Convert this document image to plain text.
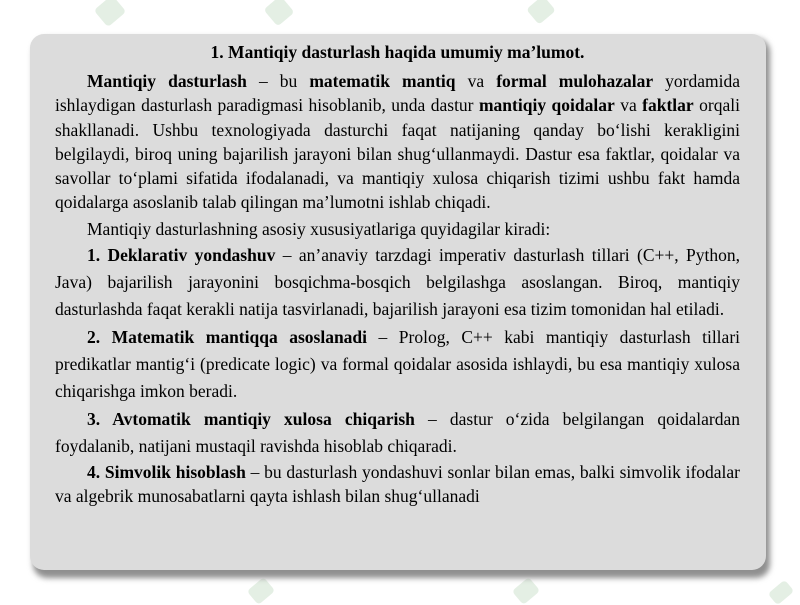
1. Mantiqiy dasturlash haqida umumiy ma’lumot.

Mantiqiy dasturlash – bu matematik mantiq va formal mulohazalar yordamida ishlaydigan dasturlash paradigmasi hisoblanib, unda dastur mantiqiy qoidalar va faktlar orqali shakllanadi. Ushbu texnologiyada dasturchi faqat natijaning qanday bo‘lishi kerakligini belgilaydi, biroq uning bajarilish jarayoni bilan shug‘ullanmaydi. Dastur esa faktlar, qoidalar va savollar to‘plami sifatida ifodalanadi, va mantiqiy xulosa chiqarish tizimi ushbu fakt hamda qoidalarga asoslanib talab qilingan ma’lumotni ishlab chiqadi.

Mantiqiy dasturlashning asosiy xususiyatlariga quyidagilar kiradi:

1. Deklarativ yondashuv – an’anaviy tarzdagi imperativ dasturlash tillari (C++, Python, Java) bajarilish jarayonini bosqichma-bosqich belgilashga asoslangan. Biroq, mantiqiy dasturlashda faqat kerakli natija tasvirlanadi, bajarilish jarayoni esa tizim tomonidan hal etiladi.

2. Matematik mantiqqa asoslanadi – Prolog, C++ kabi mantiqiy dasturlash tillari predikatlar mantig‘i (predicate logic) va formal qoidalar asosida ishlaydi, bu esa mantiqiy xulosa chiqarishga imkon beradi.

3. Avtomatik mantiqiy xulosa chiqarish – dastur o‘zida belgilangan qoidalardan foydalanib, natijani mustaqil ravishda hisoblab chiqaradi.

4. Simvolik hisoblash – bu dasturlash yondashuvi sonlar bilan emas, balki simvolik ifodalar va algebrik munosabatlarni qayta ishlash bilan shug‘ullanadi
